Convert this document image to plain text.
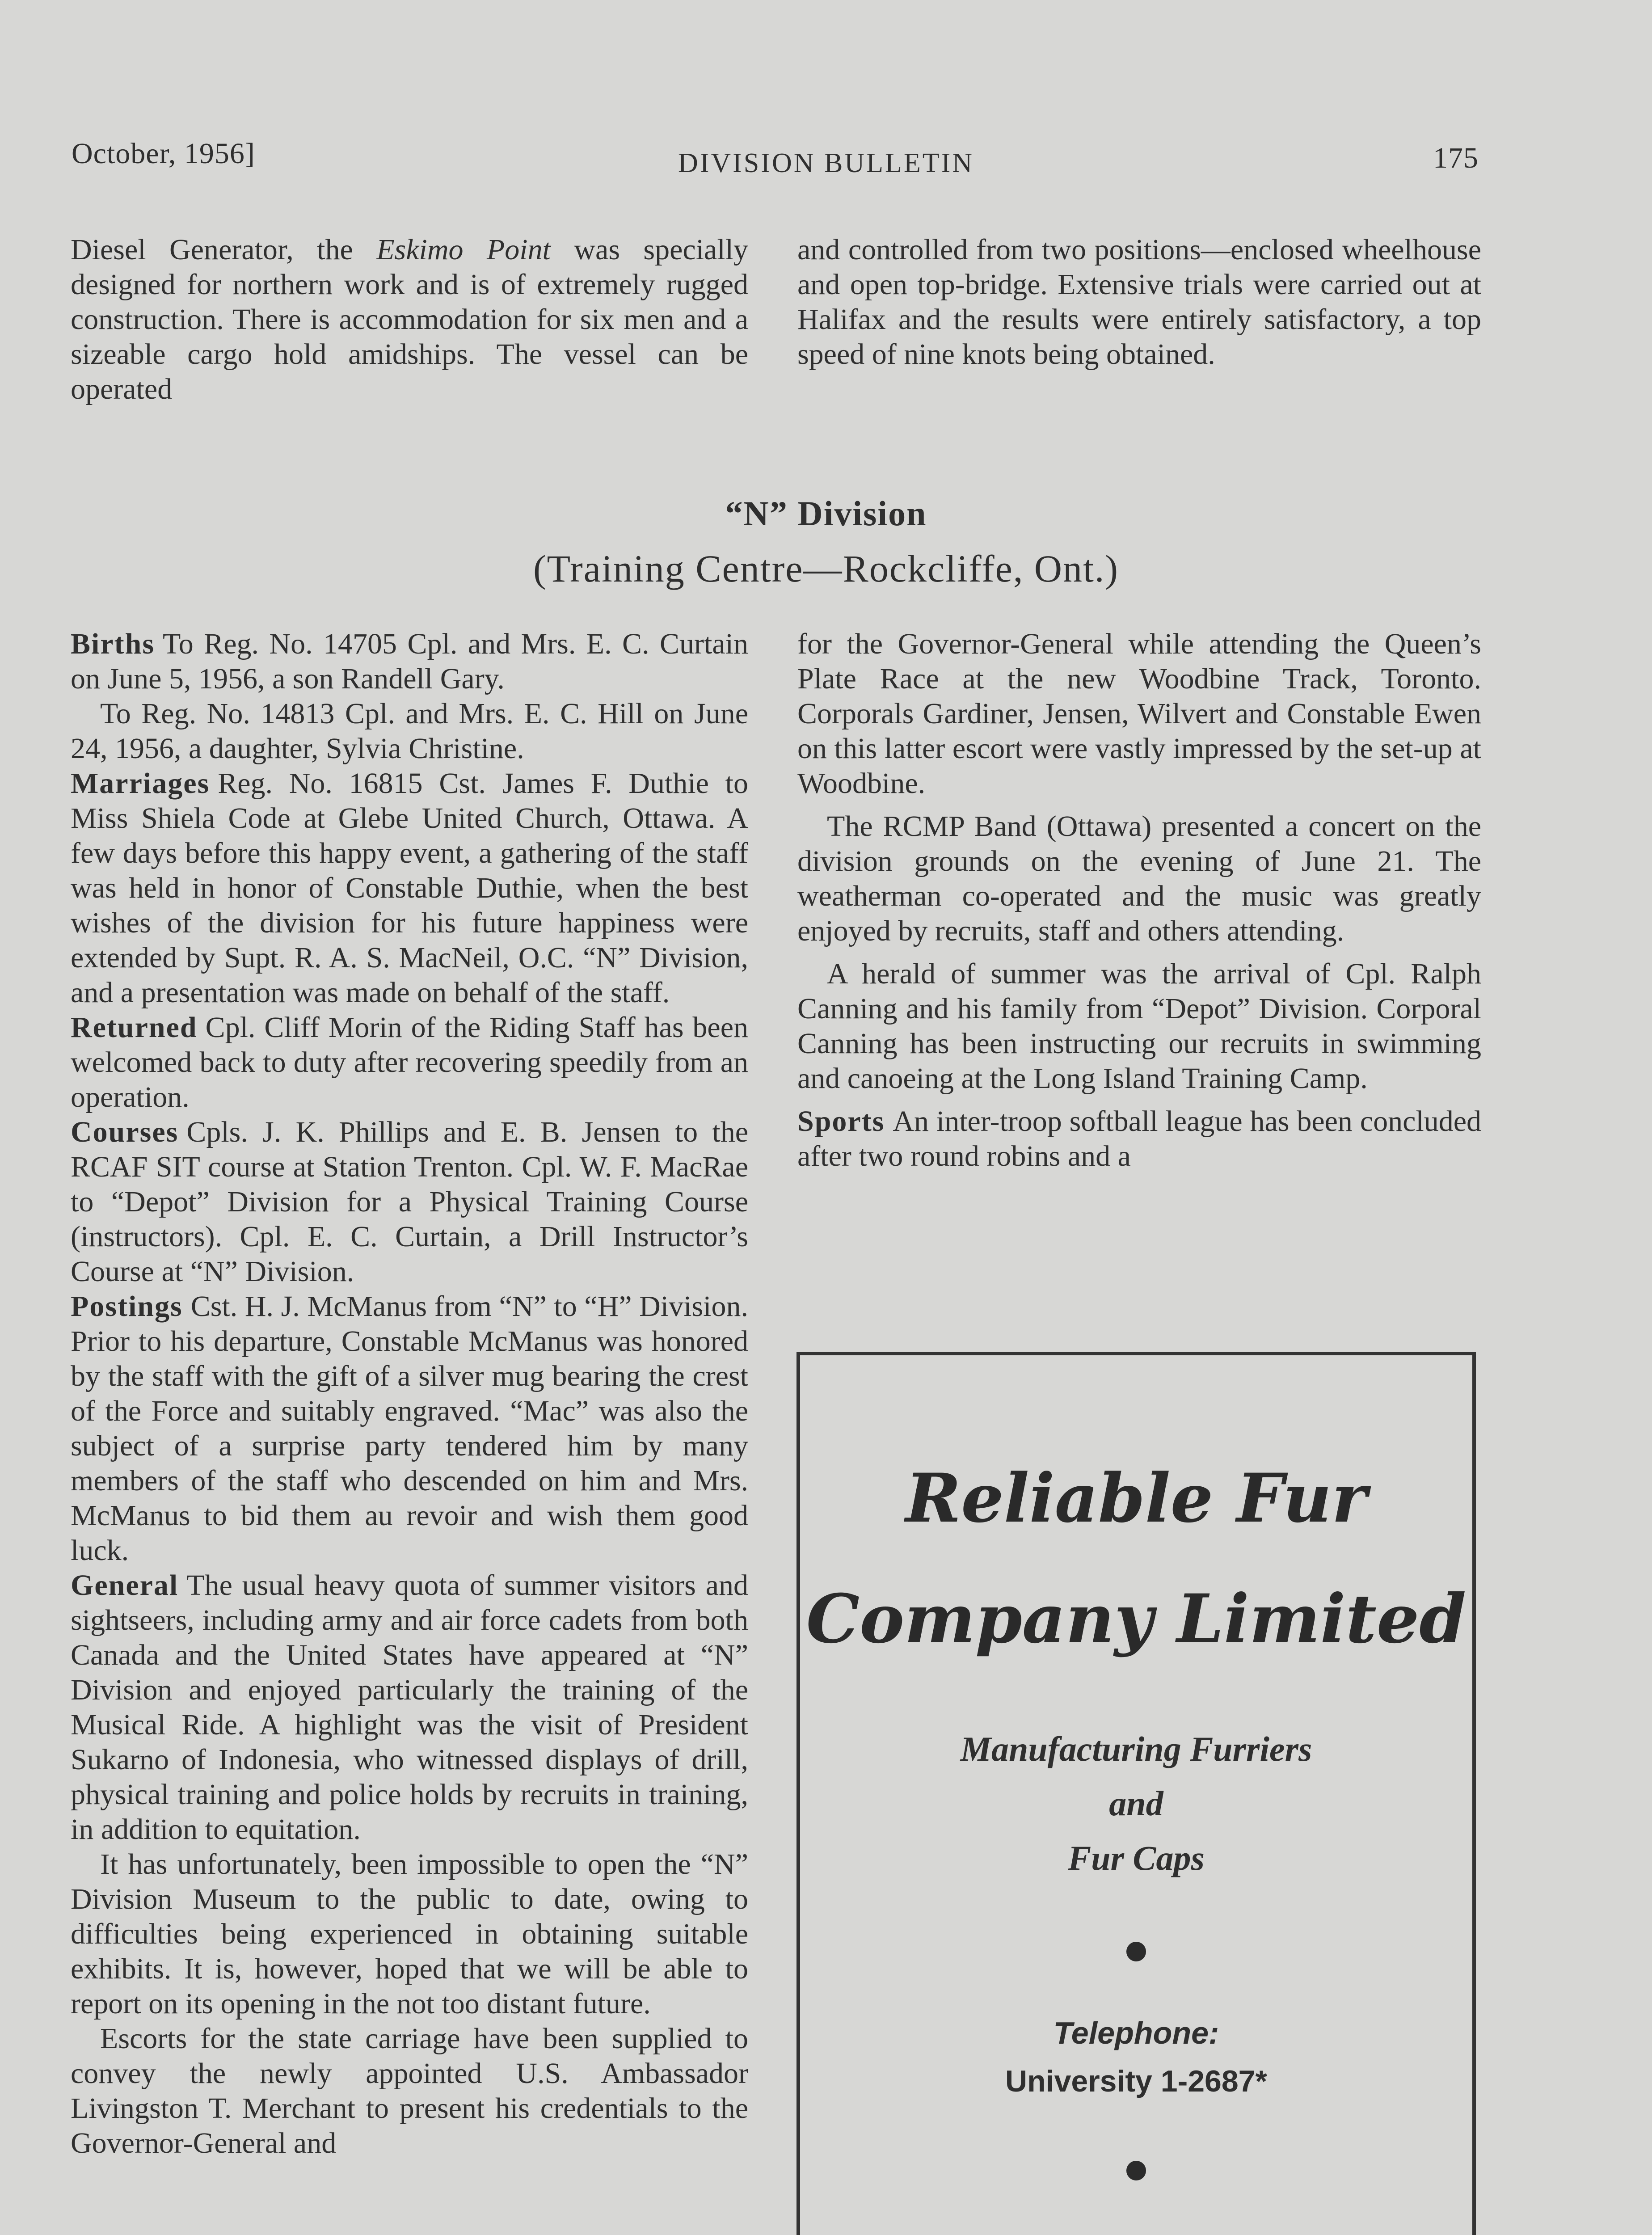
October, 1956]	DIVISION BULLETIN	175

Diesel Generator, the Eskimo Point was specially designed for northern work and is of extremely rugged construction. There is accommodation for six men and a sizeable cargo hold amidships. The vessel can be operated

and controlled from two positions—enclosed wheelhouse and open top-bridge. Extensive trials were carried out at Halifax and the results were entirely satisfactory, a top speed of nine knots being obtained.

“N” Division
(Training Centre—Rockcliffe, Ont.)

Births To Reg. No. 14705 Cpl. and Mrs. E. C. Curtain on June 5, 1956, a son Randell Gary.

To Reg. No. 14813 Cpl. and Mrs. E. C. Hill on June 24, 1956, a daughter, Sylvia Christine.

Marriages Reg. No. 16815 Cst. James F. Duthie to Miss Shiela Code at Glebe United Church, Ottawa. A few days before this happy event, a gathering of the staff was held in honor of Constable Duthie, when the best wishes of the division for his future happiness were extended by Supt. R. A. S. MacNeil, O.C. “N” Division, and a presentation was made on behalf of the staff.

Returned Cpl. Cliff Morin of the Riding Staff has been welcomed back to duty after recovering speedily from an operation.

Courses Cpls. J. K. Phillips and E. B. Jensen to the RCAF SIT course at Station Trenton. Cpl. W. F. MacRae to “Depot” Division for a Physical Training Course (instructors). Cpl. E. C. Curtain, a Drill Instructor’s Course at “N” Division.

Postings Cst. H. J. McManus from “N” to “H” Division. Prior to his departure, Constable McManus was honored by the staff with the gift of a silver mug bearing the crest of the Force and suitably engraved. “Mac” was also the subject of a surprise party tendered him by many members of the staff who descended on him and Mrs. McManus to bid them au revoir and wish them good luck.

General The usual heavy quota of summer visitors and sightseers, including army and air force cadets from both Canada and the United States have appeared at “N” Division and enjoyed particularly the training of the Musical Ride. A highlight was the visit of President Sukarno of Indonesia, who witnessed displays of drill, physical training and police holds by recruits in training, in addition to equitation.

It has unfortunately, been impossible to open the “N” Division Museum to the public to date, owing to difficulties being experienced in obtaining suitable exhibits. It is, however, hoped that we will be able to report on its opening in the not too distant future.

Escorts for the state carriage have been supplied to convey the newly appointed U.S. Ambassador Livingston T. Merchant to present his credentials to the Governor-General and

for the Governor-General while attending the Queen’s Plate Race at the new Woodbine Track, Toronto. Corporals Gardiner, Jensen, Wilvert and Constable Ewen on this latter escort were vastly impressed by the set-up at Woodbine.

The RCMP Band (Ottawa) presented a concert on the division grounds on the evening of June 21. The weatherman co-operated and the music was greatly enjoyed by recruits, staff and others attending.

A herald of summer was the arrival of Cpl. Ralph Canning and his family from “Depot” Division. Corporal Canning has been instructing our recruits in swimming and canoeing at the Long Island Training Camp.

Sports An inter-troop softball league has been concluded after two round robins and a

Reliable Fur
Company Limited
Manufacturing Furriers
and
Fur Caps
Telephone:
University 1-2687*
